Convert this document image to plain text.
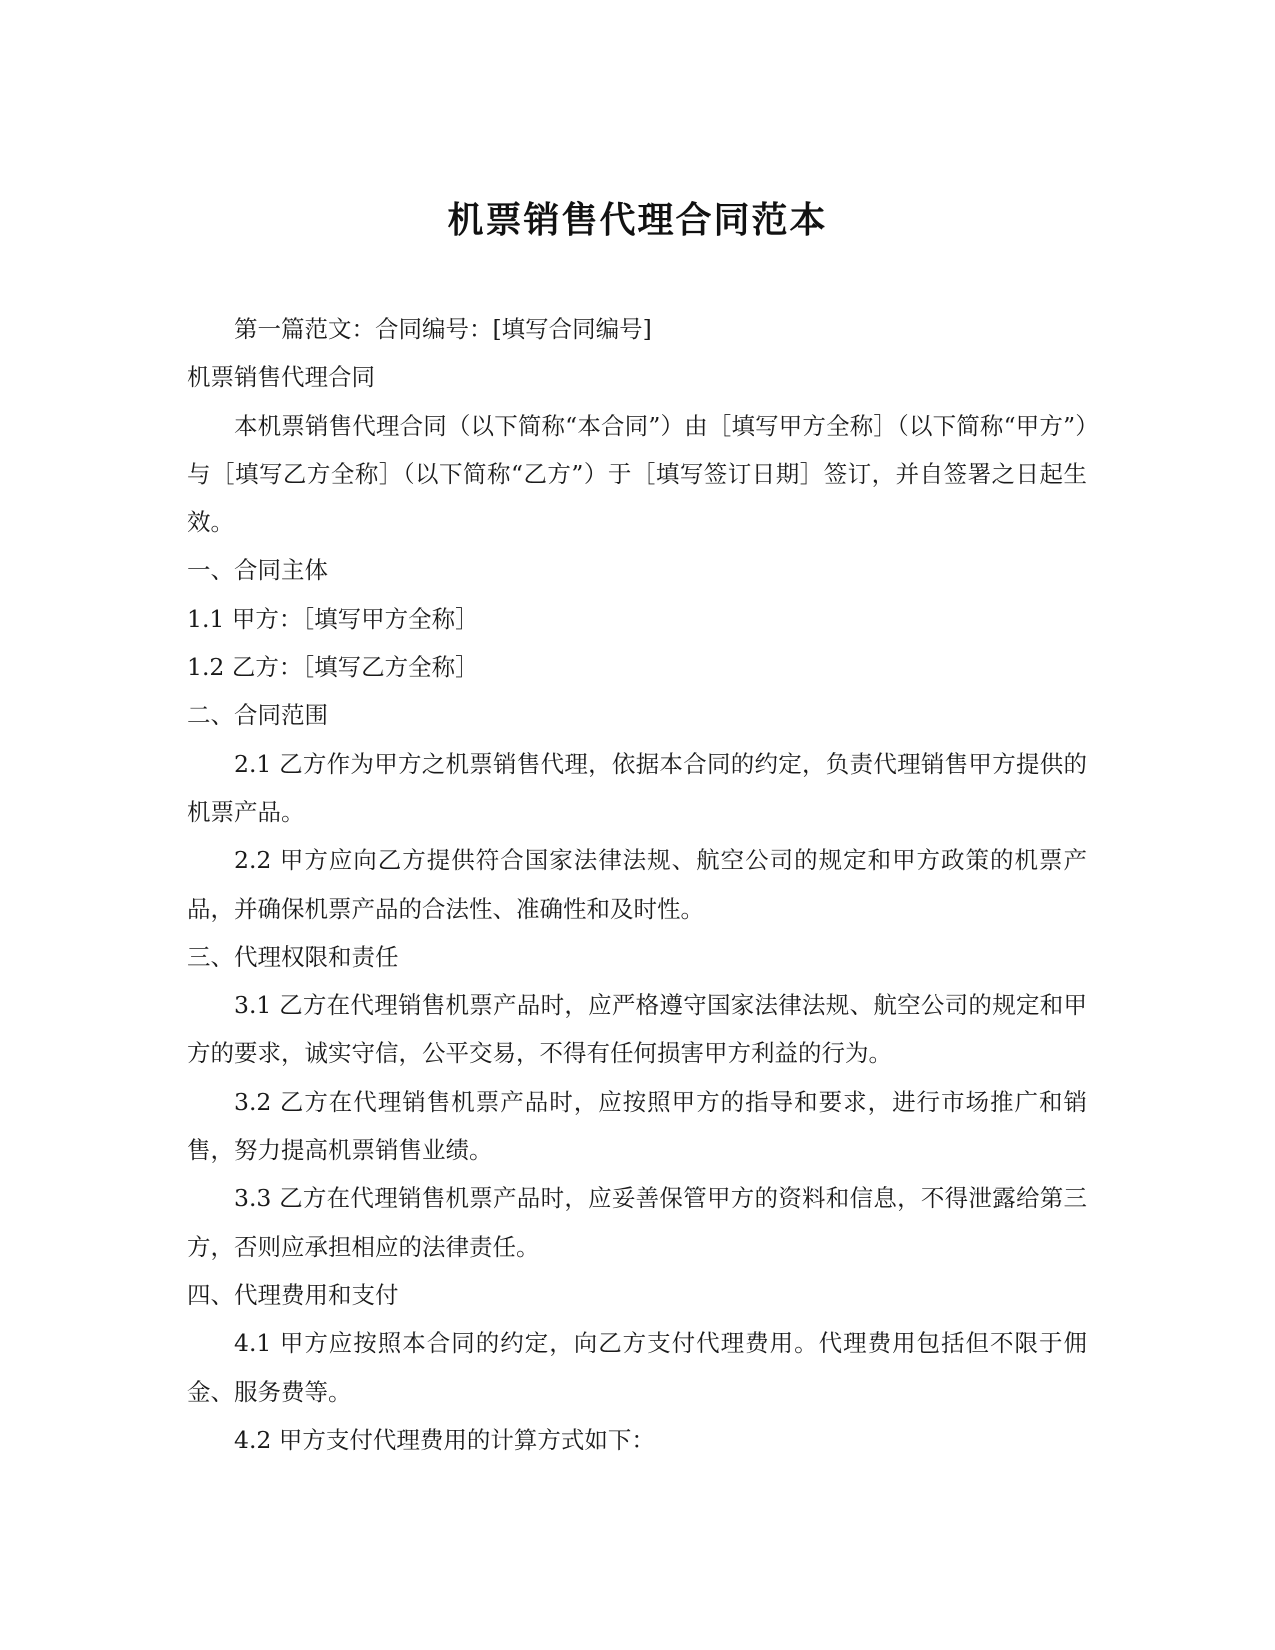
机票销售代理合同范本

第一篇范文：合同编号：[填写合同编号]

机票销售代理合同

本机票销售代理合同（以下简称“本合同”）由［填写甲方全称］（以下简称“甲方”）与［填写乙方全称］（以下简称“乙方”）于［填写签订日期］签订，并自签署之日起生效。

一、合同主体

1.1 甲方：［填写甲方全称］

1.2 乙方：［填写乙方全称］

二、合同范围

2.1 乙方作为甲方之机票销售代理，依据本合同的约定，负责代理销售甲方提供的机票产品。

2.2 甲方应向乙方提供符合国家法律法规、航空公司的规定和甲方政策的机票产品，并确保机票产品的合法性、准确性和及时性。

三、代理权限和责任

3.1 乙方在代理销售机票产品时，应严格遵守国家法律法规、航空公司的规定和甲方的要求，诚实守信，公平交易，不得有任何损害甲方利益的行为。

3.2 乙方在代理销售机票产品时，应按照甲方的指导和要求，进行市场推广和销售，努力提高机票销售业绩。

3.3 乙方在代理销售机票产品时，应妥善保管甲方的资料和信息，不得泄露给第三方，否则应承担相应的法律责任。

四、代理费用和支付

4.1 甲方应按照本合同的约定，向乙方支付代理费用。代理费用包括但不限于佣金、服务费等。

4.2 甲方支付代理费用的计算方式如下：
